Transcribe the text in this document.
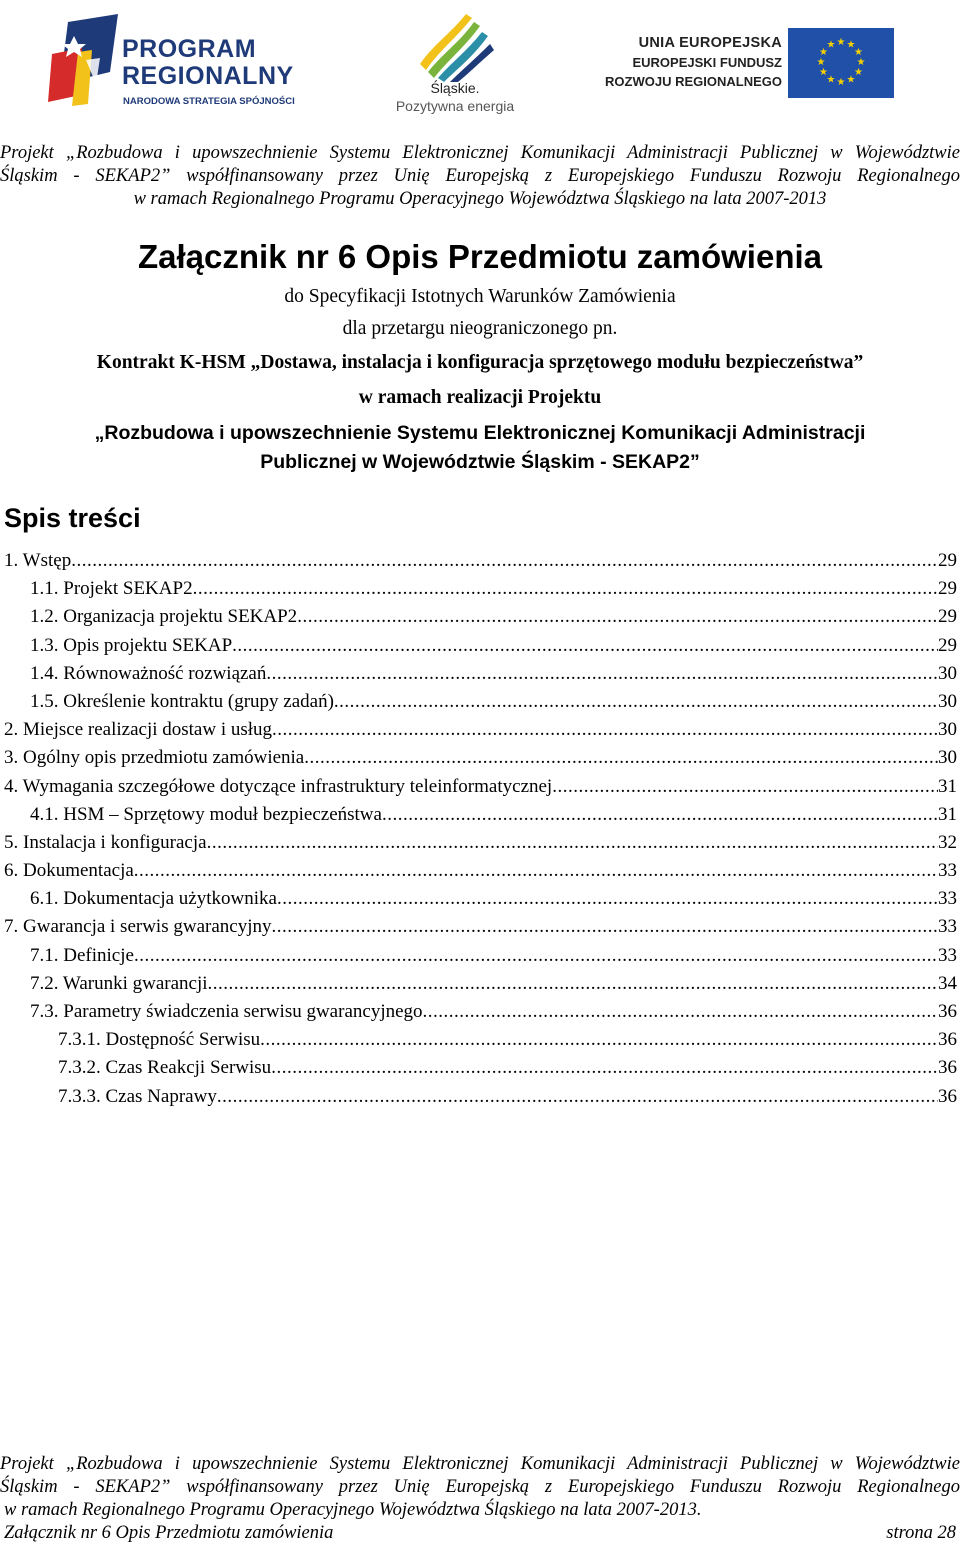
PROGRAM
REGIONALNY
NARODOWA STRATEGIA SPÓJNOŚCI
Śląskie.
Pozytywna energia
UNIA EUROPEJSKA
EUROPEJSKI FUNDUSZ
ROZWOJU REGIONALNEGO
★ ★
★
★
★
★
★
★
★
★
★
★
Projekt „Rozbudowa i upowszechnienie Systemu Elektronicznej Komunikacji Administracji Publicznej w Województwie
Śląskim - SEKAP2” współfinansowany przez Unię Europejską z Europejskiego Funduszu Rozwoju Regionalnego
w ramach Regionalnego Programu Operacyjnego Województwa Śląskiego na lata 2007-2013
Załącznik nr 6 Opis Przedmiotu zamówienia
do Specyfikacji Istotnych Warunków Zamówienia
dla przetargu nieograniczonego pn.
Kontrakt K-HSM „Dostawa, instalacja i konfiguracja sprzętowego modułu bezpieczeństwa”
w ramach realizacji Projektu
„Rozbudowa i upowszechnienie Systemu Elektronicznej Komunikacji Administracji
Publicznej w Województwie Śląskim - SEKAP2”
Spis treści
1. Wstęp .....	29
1.1. Projekt SEKAP2 .....	29
1.2. Organizacja projektu SEKAP2 .....	29
1.3. Opis projektu SEKAP .....	29
1.4. Równoważność rozwiązań .....	30
1.5. Określenie kontraktu (grupy zadań) .....	30
2. Miejsce realizacji dostaw i usług .....	30
3. Ogólny opis przedmiotu zamówienia .....	30
4. Wymagania szczegółowe dotyczące infrastruktury teleinformatycznej .....	31
4.1. HSM – Sprzętowy moduł bezpieczeństwa .....	31
5. Instalacja i konfiguracja .....	32
6. Dokumentacja .....	33
6.1. Dokumentacja użytkownika .....	33
7. Gwarancja i serwis gwarancyjny .....	33
7.1. Definicje .....	33
7.2. Warunki gwarancji .....	34
7.3. Parametry świadczenia serwisu gwarancyjnego .....	36
7.3.1. Dostępność Serwisu .....	36
7.3.2. Czas Reakcji Serwisu .....	36
7.3.3. Czas Naprawy .....	36
Projekt „Rozbudowa i upowszechnienie Systemu Elektronicznej Komunikacji Administracji Publicznej w Województwie
Śląskim - SEKAP2” współfinansowany przez Unię Europejską z Europejskiego Funduszu Rozwoju Regionalnego
w ramach Regionalnego Programu Operacyjnego Województwa Śląskiego na lata 2007-2013.
Załącznik nr 6 Opis Przedmiotu zamówienia	strona 28
